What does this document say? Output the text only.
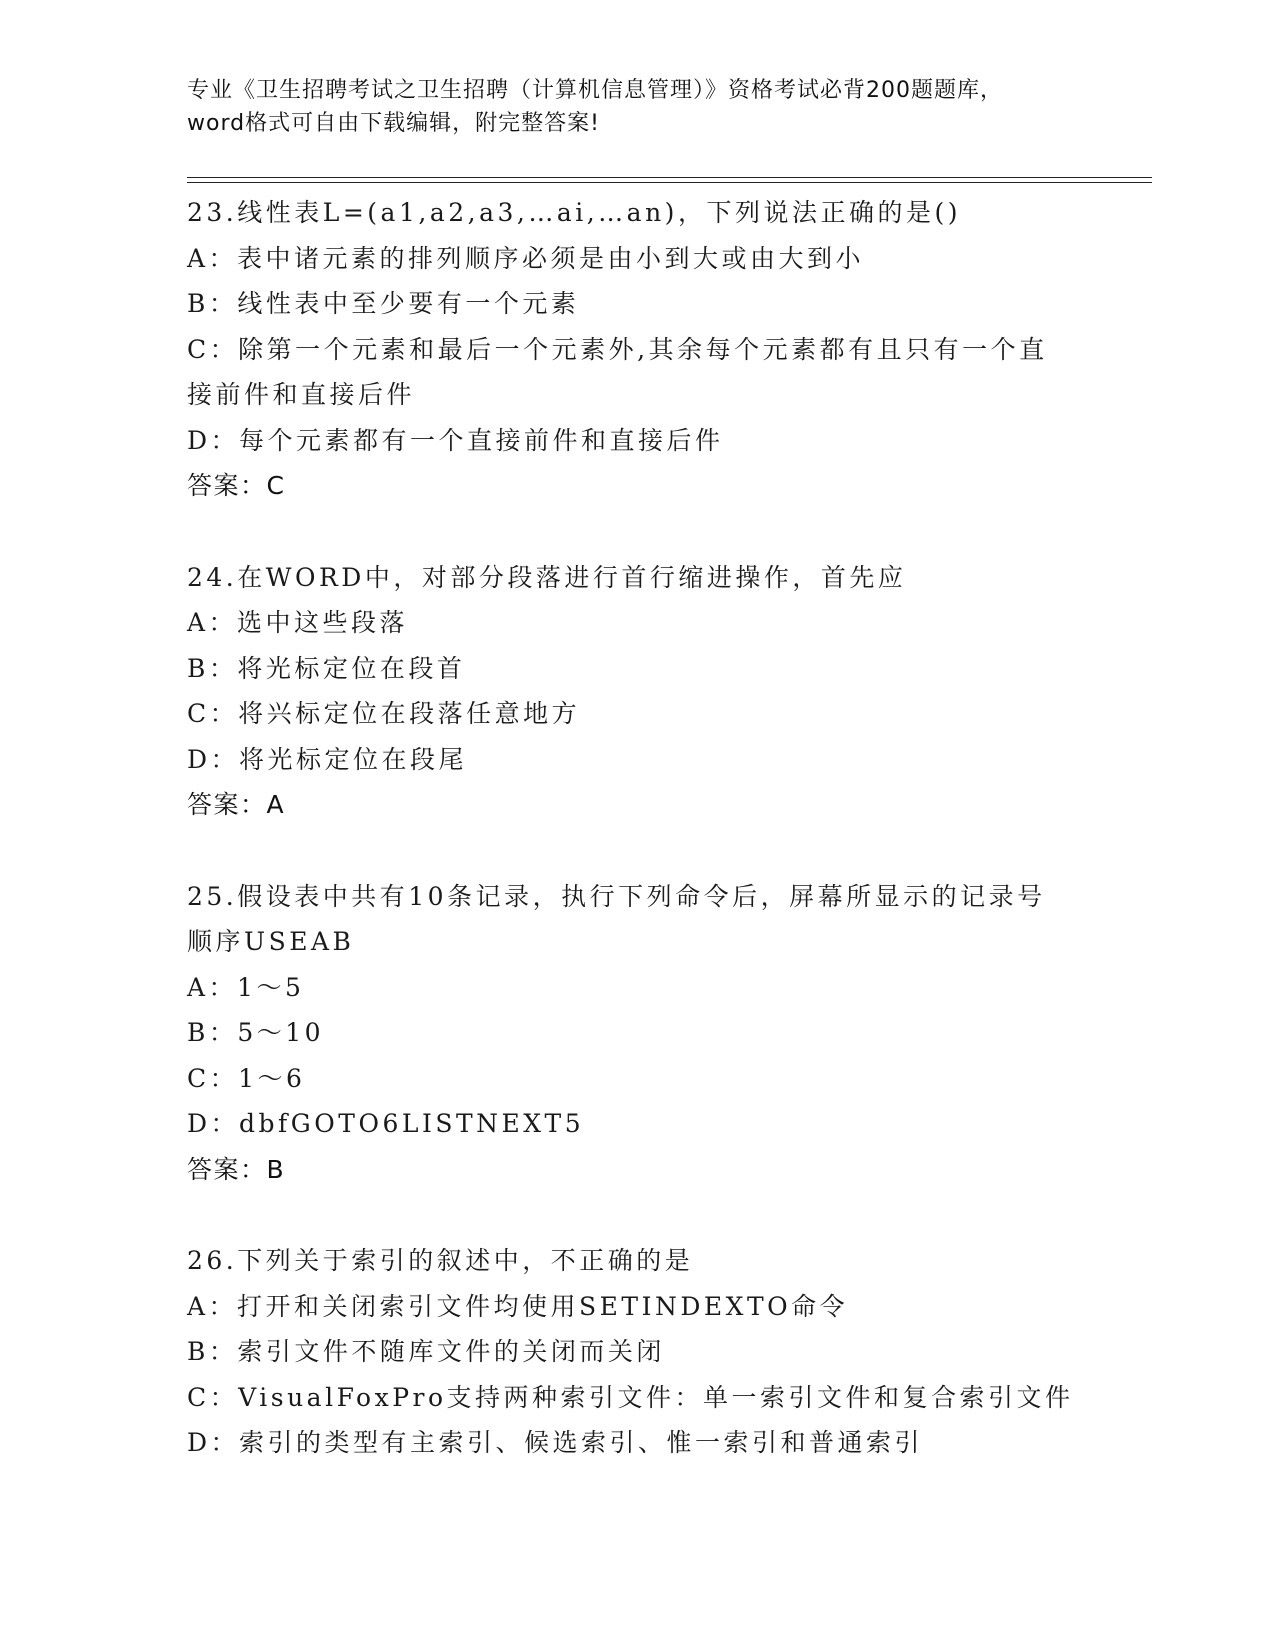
专业《卫生招聘考试之卫生招聘（计算机信息管理）》资格考试必背200题题库，
word格式可自由下载编辑，附完整答案!
23.线性表L=(a1,a2,a3,…ai,…an)，下列说法正确的是()
A：表中诸元素的排列顺序必须是由小到大或由大到小
B：线性表中至少要有一个元素
C：除第一个元素和最后一个元素外,其余每个元素都有且只有一个直
接前件和直接后件
D：每个元素都有一个直接前件和直接后件
答案：C
24.在WORD中，对部分段落进行首行缩进操作，首先应
A：选中这些段落
B：将光标定位在段首
C：将兴标定位在段落任意地方
D：将光标定位在段尾
答案：A
25.假设表中共有10条记录，执行下列命令后，屏幕所显示的记录号
顺序USEAB
A：1～5
B：5～10
C：1～6
D：dbfGOTO6LISTNEXT5
答案：B
26.下列关于索引的叙述中，不正确的是
A：打开和关闭索引文件均使用SETINDEXTO命令
B：索引文件不随库文件的关闭而关闭
C：VisualFoxPro支持两种索引文件：单一索引文件和复合索引文件
D：索引的类型有主索引、候选索引、惟一索引和普通索引
